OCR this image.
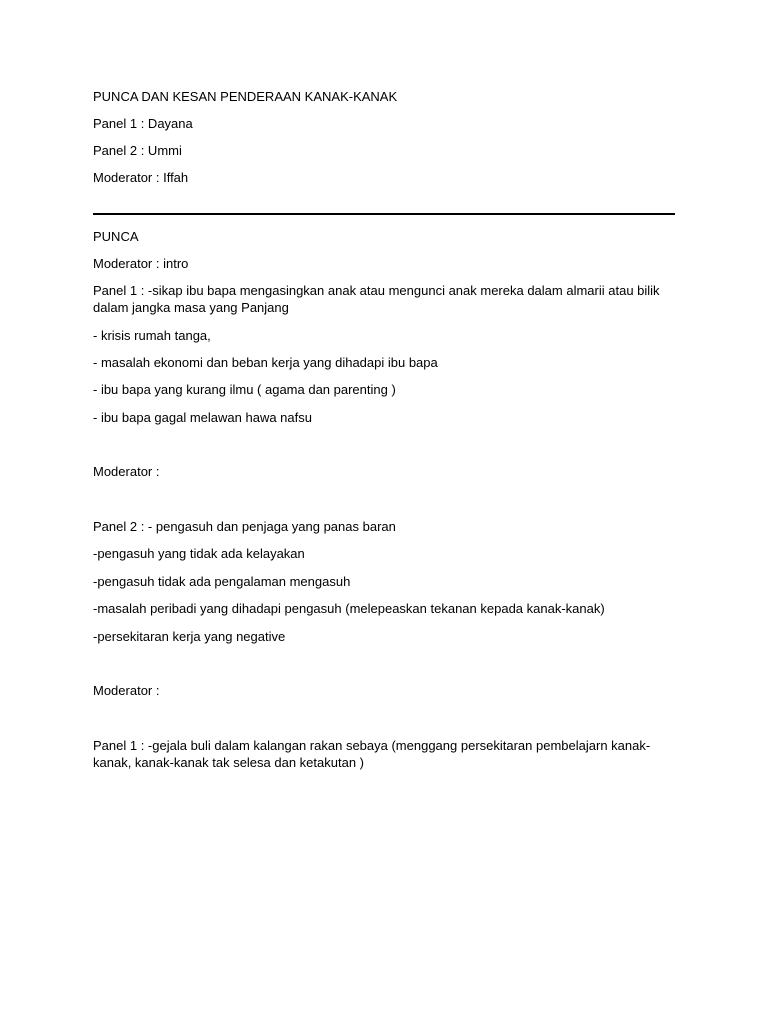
PUNCA DAN KESAN PENDERAAN KANAK-KANAK
Panel 1 : Dayana
Panel 2 : Ummi
Moderator : Iffah
PUNCA
Moderator : intro
Panel 1 : -sikap ibu bapa mengasingkan anak atau mengunci anak mereka dalam almarii atau bilik dalam jangka masa yang Panjang
- krisis rumah tanga,
- masalah ekonomi dan beban kerja yang dihadapi ibu bapa
- ibu bapa yang kurang ilmu ( agama dan parenting )
- ibu bapa gagal melawan hawa nafsu
Moderator :
Panel 2 : - pengasuh dan penjaga yang panas baran
-pengasuh yang tidak ada kelayakan
-pengasuh tidak ada pengalaman mengasuh
-masalah peribadi yang dihadapi pengasuh (melepeaskan tekanan kepada kanak-kanak)
-persekitaran kerja yang negative
Moderator :
Panel 1 : -gejala buli dalam kalangan rakan sebaya (menggang persekitaran pembelajarn kanak-kanak, kanak-kanak tak selesa dan ketakutan )
